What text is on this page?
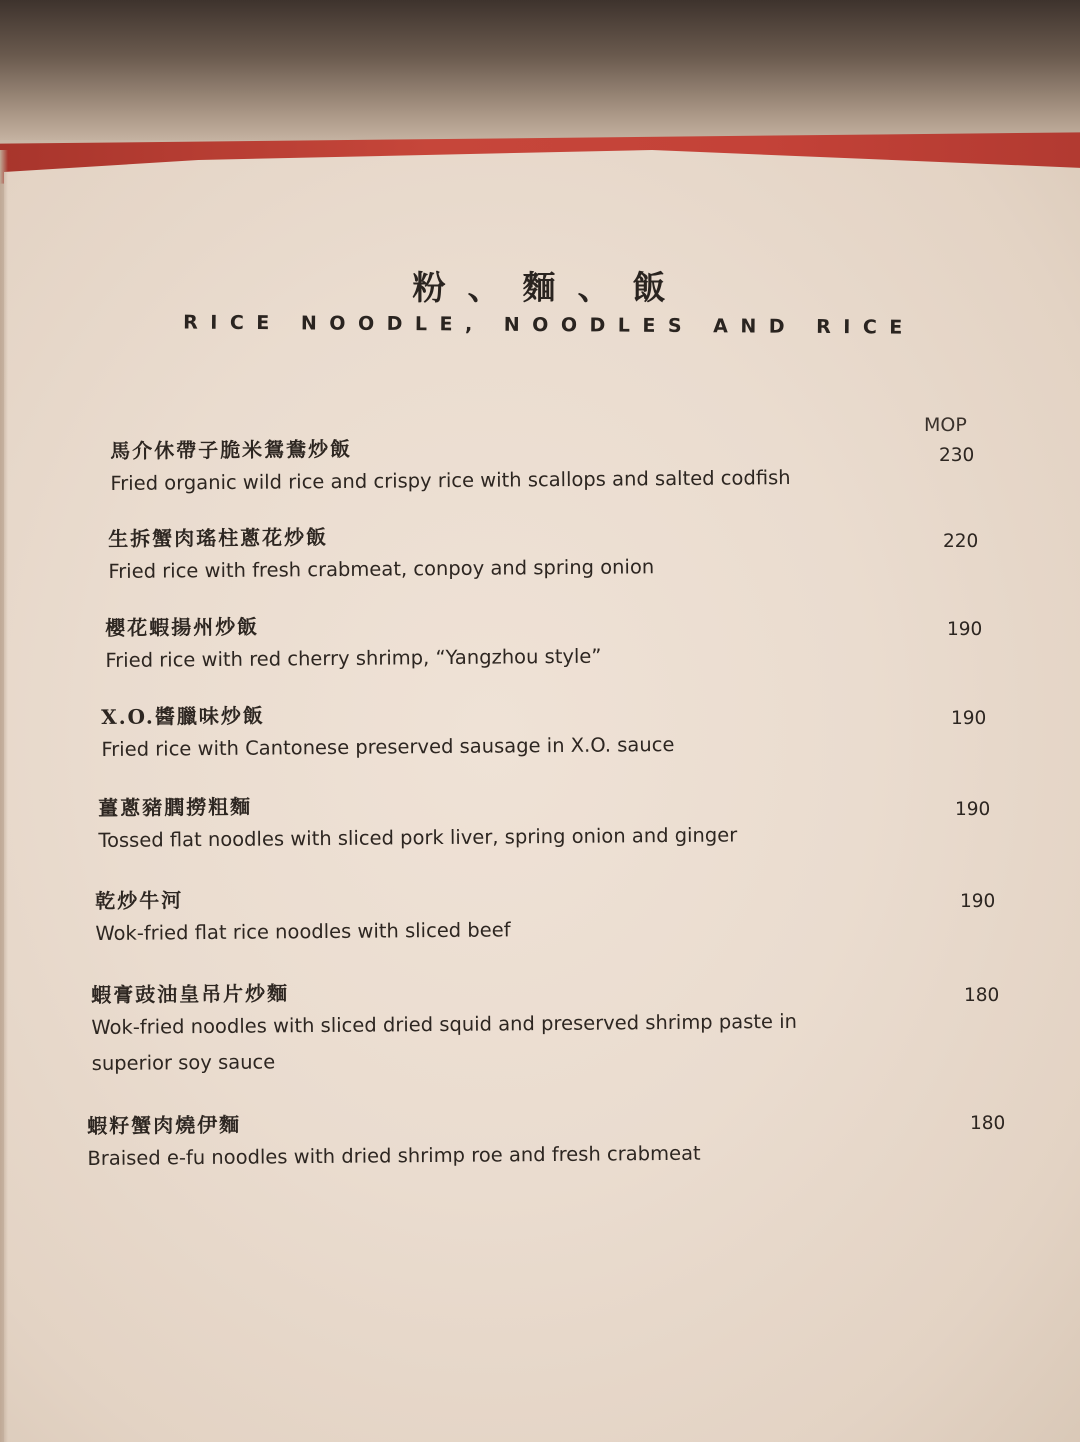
粉、麵、飯
RICE NOODLE, NOODLES AND RICE
MOP
馬介休帶子脆米鴛鴦炒飯
Fried organic wild rice and crispy rice with scallops and salted codfish
230
生拆蟹肉瑤柱蔥花炒飯
Fried rice with fresh crabmeat, conpoy and spring onion
220
櫻花蝦揚州炒飯
Fried rice with red cherry shrimp, “Yangzhou style”
190
X.O.醬臘味炒飯
Fried rice with Cantonese preserved sausage in X.O. sauce
190
薑蔥豬膶撈粗麵
Tossed flat noodles with sliced pork liver, spring onion and ginger
190
乾炒牛河
Wok-fried flat rice noodles with sliced beef
190
蝦膏豉油皇吊片炒麵
Wok-fried noodles with sliced dried squid and preserved shrimp paste in superior soy sauce
180
蝦籽蟹肉燒伊麵
Braised e-fu noodles with dried shrimp roe and fresh crabmeat
180
